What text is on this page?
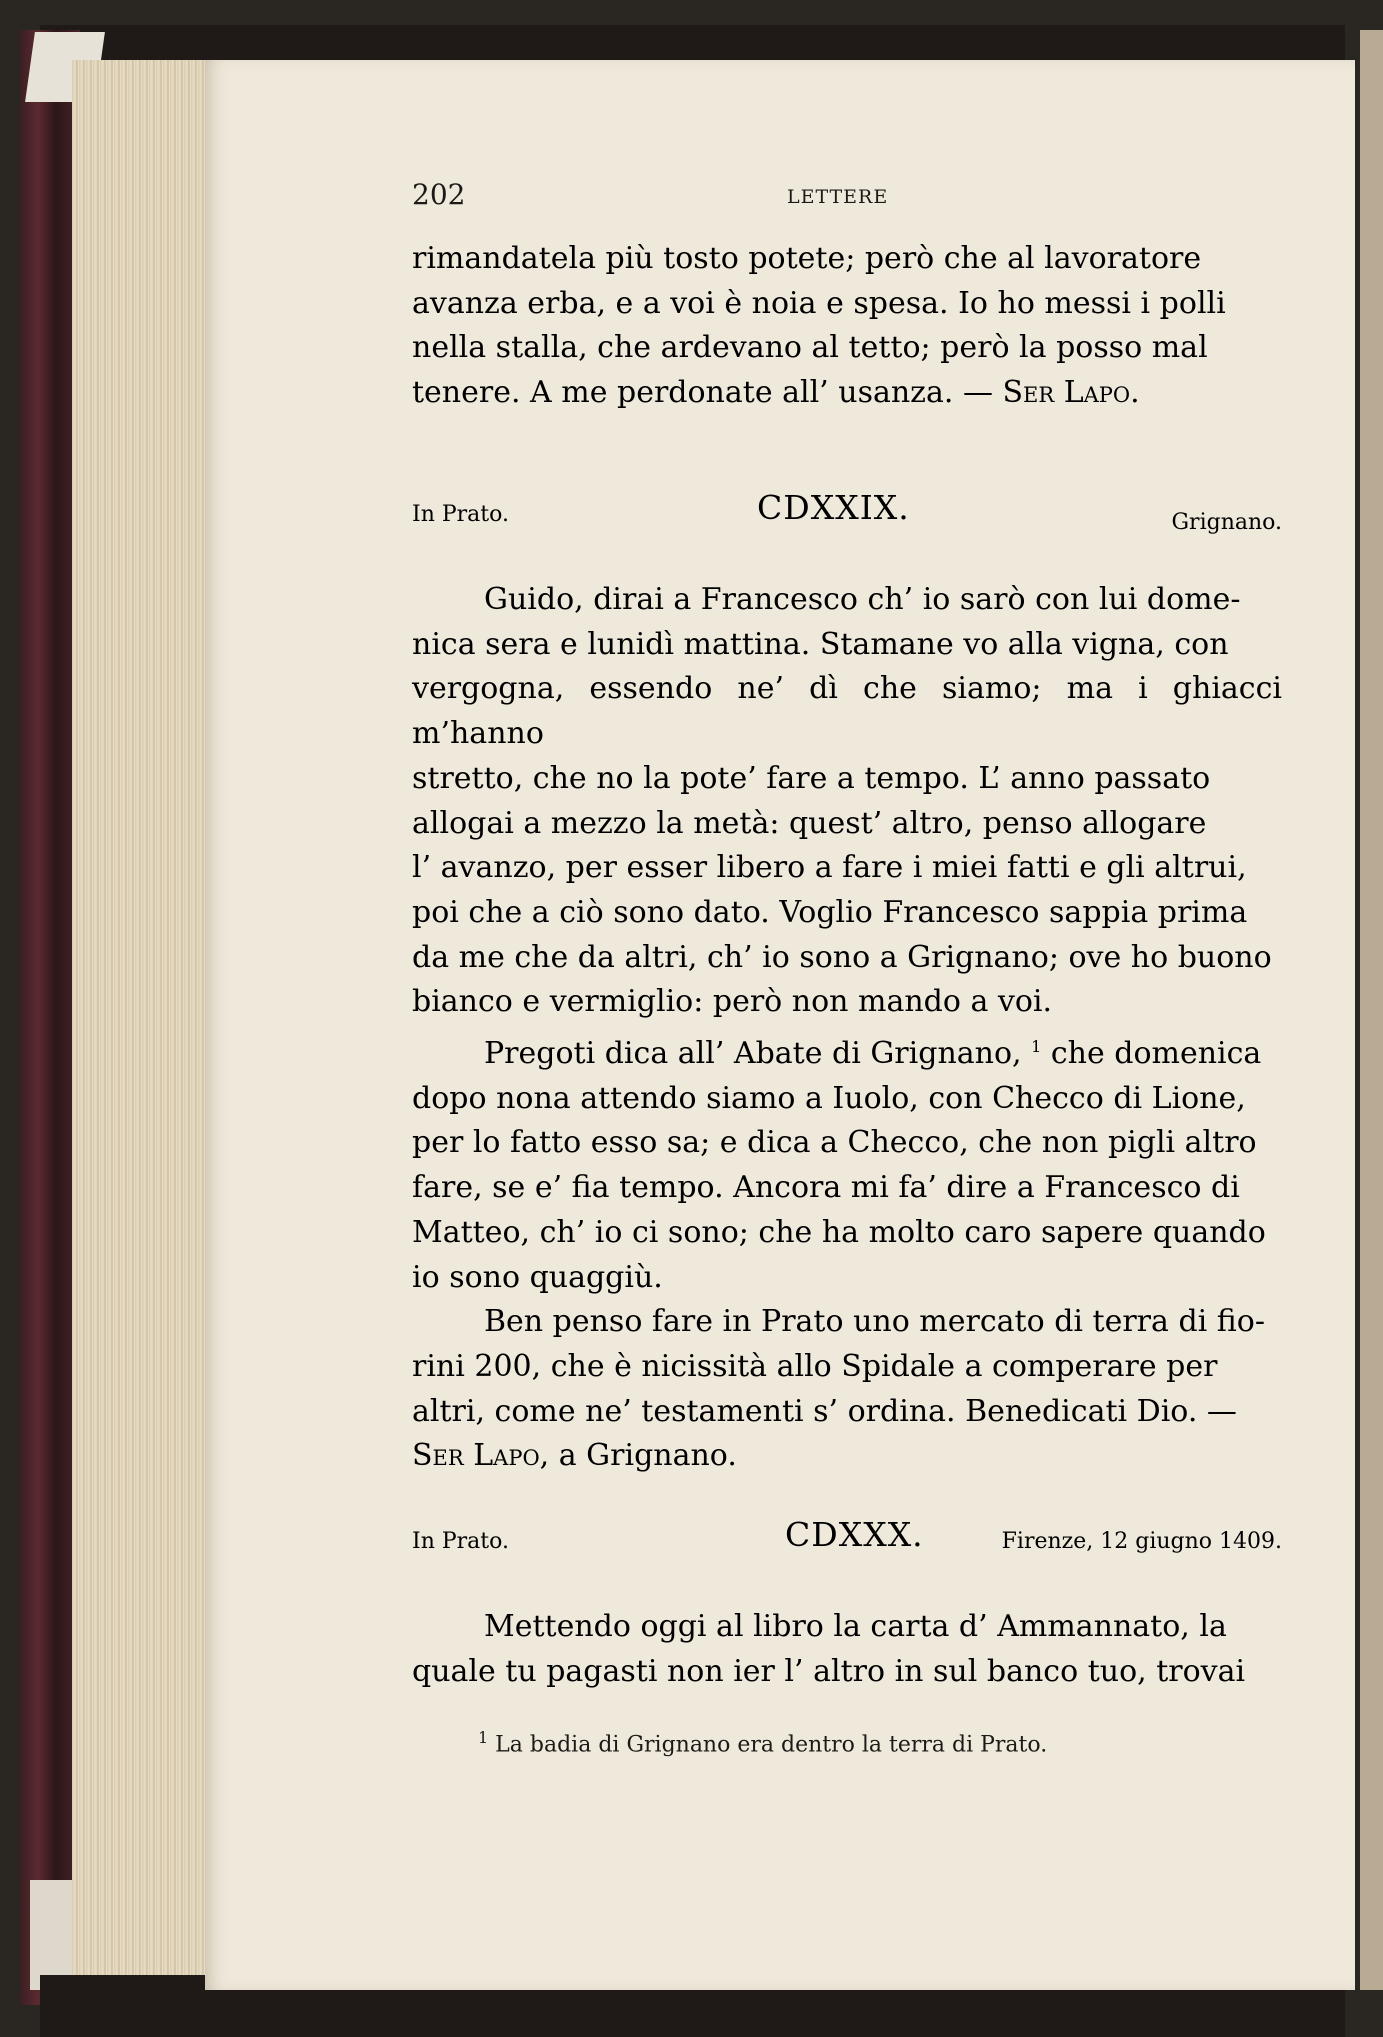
202	LETTERE

rimandatela più tosto potete; però che al lavoratore

avanza erba, e a voi è noia e spesa. Io ho messi i polli

nella stalla, che ardevano al tetto; però la posso mal

tenere. A me perdonate all’ usanza. — Ser Lapo.

In Prato.	CDXXIX.	Grignano.

Guido, dirai a Francesco ch’ io sarò con lui dome-

nica sera e lunidì mattina. Stamane vo alla vigna, con

vergogna, essendo ne’ dì che siamo; ma i ghiacci m’hanno

stretto, che no la pote’ fare a tempo. L’ anno passato

allogai a mezzo la metà: quest’ altro, penso allogare

l’ avanzo, per esser libero a fare i miei fatti e gli altrui,

poi che a ciò sono dato. Voglio Francesco sappia prima

da me che da altri, ch’ io sono a Grignano; ove ho buono

bianco e vermiglio: però non mando a voi.

Pregoti dica all’ Abate di Grignano, $^1$ che domenica

dopo nona attendo siamo a Iuolo, con Checco di Lione,

per lo fatto esso sa; e dica a Checco, che non pigli altro

fare, se e’ fia tempo. Ancora mi fa’ dire a Francesco di

Matteo, ch’ io ci sono; che ha molto caro sapere quando

io sono quaggiù.

Ben penso fare in Prato uno mercato di terra di fio-

rini 200, che è nicissità allo Spidale a comperare per

altri, come ne’ testamenti s’ ordina. Benedicati Dio. —

Ser Lapo, a Grignano.

In Prato.	CDXXX.	Firenze, 12 giugno 1409.

Mettendo oggi al libro la carta d’ Ammannato, la

quale tu pagasti non ier l’ altro in sul banco tuo, trovai

$^1$ La badia di Grignano era dentro la terra di Prato.
